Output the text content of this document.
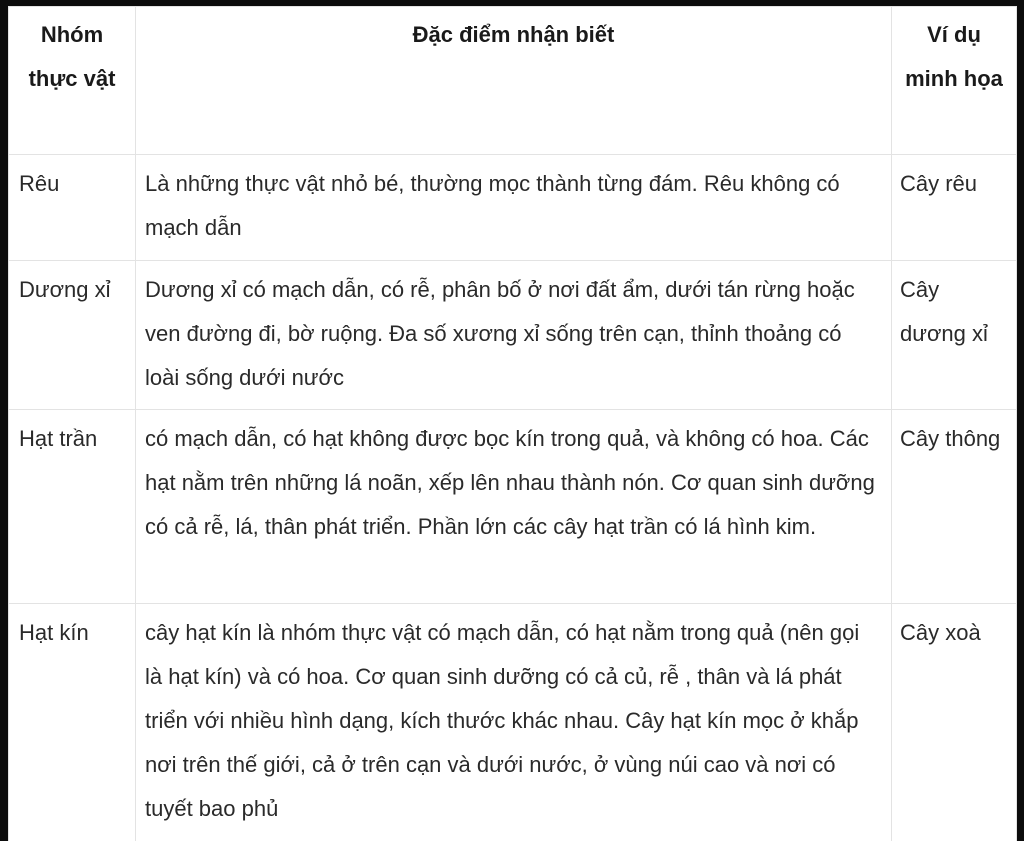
Nhóm thực vật	Đặc điểm nhận biết	Ví dụ minh họa
Rêu	Là những thực vật nhỏ bé, thường mọc thành từng đám. Rêu không có mạch dẫn	Cây rêu
Dương xỉ	Dương xỉ có mạch dẫn, có rễ, phân bố ở nơi đất ẩm, dưới tán rừng hoặc ven đường đi, bờ ruộng. Đa số xương xỉ sống trên cạn, thỉnh thoảng có loài sống dưới nước	Cây dương xỉ
Hạt trần	có mạch dẫn, có hạt không được bọc kín trong quả, và không có hoa. Các hạt nằm trên những lá noãn, xếp lên nhau thành nón. Cơ quan sinh dưỡng có cả rễ, lá, thân phát triển. Phần lớn các cây hạt trần có lá hình kim.	Cây thông
Hạt kín	cây hạt kín là nhóm thực vật có mạch dẫn, có hạt nằm trong quả (nên gọi là hạt kín) và có hoa. Cơ quan sinh dưỡng có cả củ, rễ , thân và lá phát triển với nhiều hình dạng, kích thước khác nhau. Cây hạt kín mọc ở khắp nơi trên thế giới, cả ở trên cạn và dưới nước, ở vùng núi cao và nơi có tuyết bao phủ	Cây xoà
